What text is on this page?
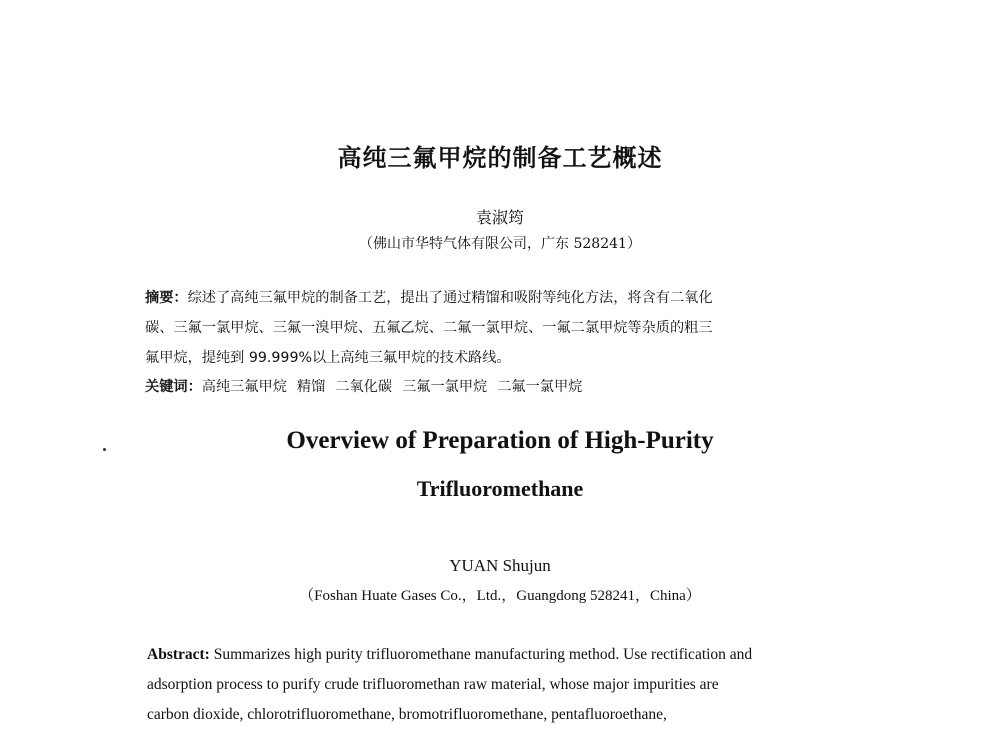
高纯三氟甲烷的制备工艺概述
袁淑筠
（佛山市华特气体有限公司，广东 528241）
摘要：综述了高纯三氟甲烷的制备工艺，提出了通过精馏和吸附等纯化方法，将含有二氧化
碳、三氟一氯甲烷、三氟一溴甲烷、五氟乙烷、二氟一氯甲烷、一氟二氯甲烷等杂质的粗三
氟甲烷，提纯到 99.999%以上高纯三氟甲烷的技术路线。
关键词：高纯三氟甲烷 精馏 二氧化碳 三氟一氯甲烷 二氟一氯甲烷
Overview of Preparation of High-Purity
Trifluoromethane
YUAN Shujun
（Foshan Huate Gases Co.，Ltd.，Guangdong 528241，China）
Abstract: Summarizes high purity trifluoromethane manufacturing method. Use rectification and
adsorption process to purify crude trifluoromethan raw material, whose major impurities are
carbon dioxide, chlorotrifluoromethane, bromotrifluoromethane, pentafluoroethane,
